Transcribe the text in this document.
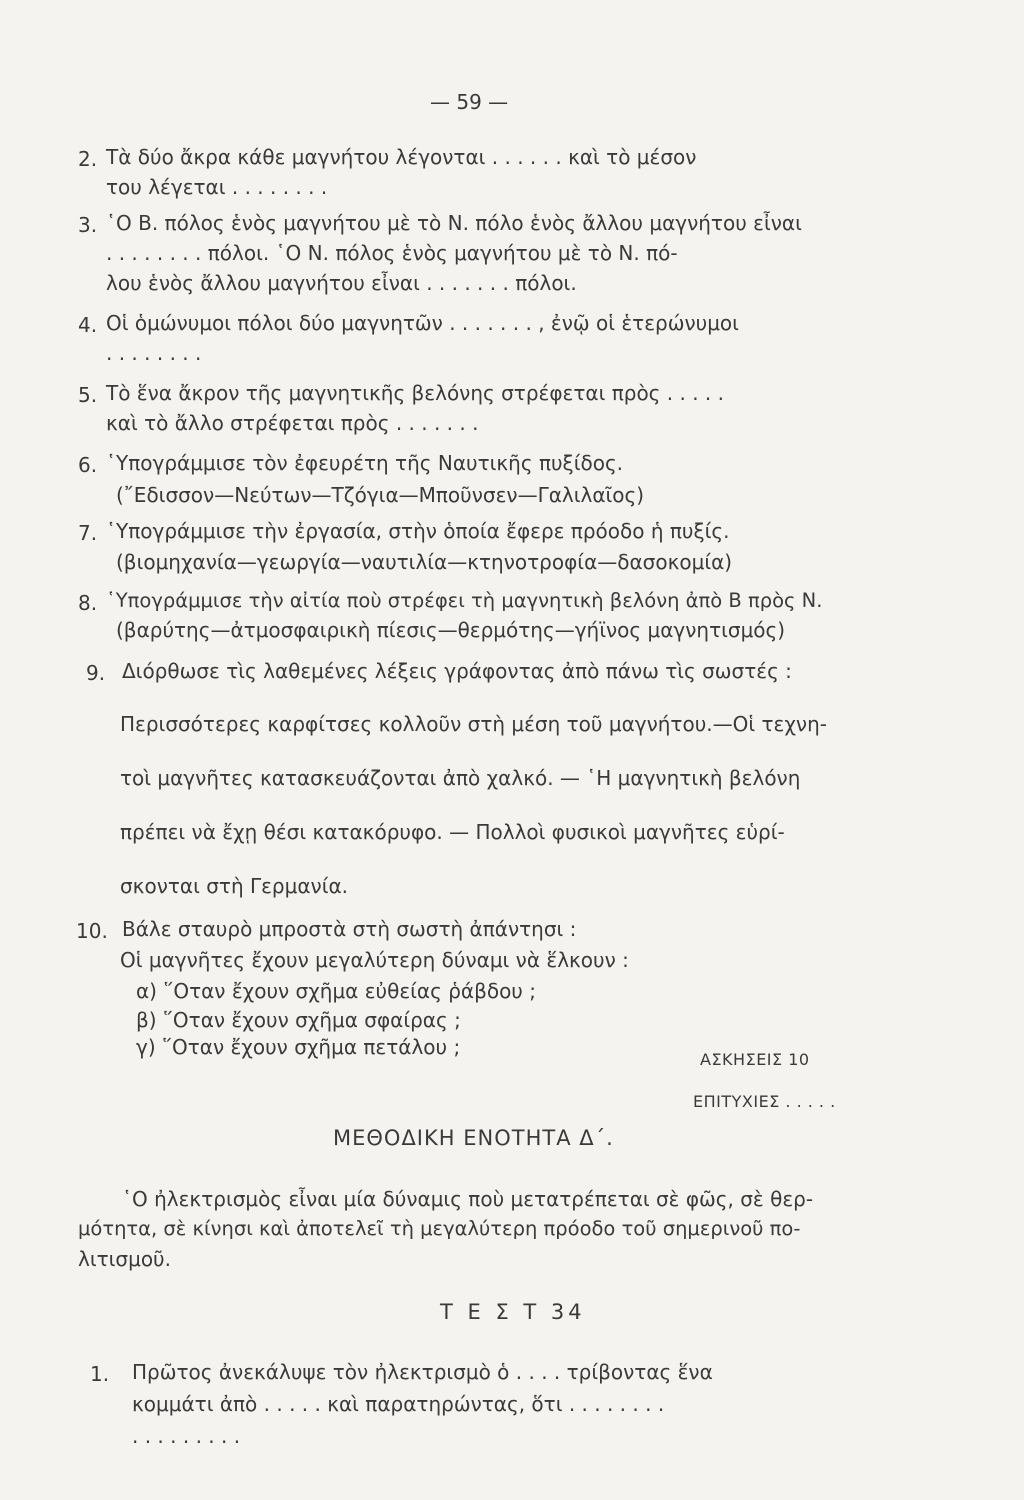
— 59 —
2. Τὰ δύο ἄκρα κάθε μαγνήτου λέγονται . . . . . . καὶ τὸ μέσον
του λέγεται . . . . . . . .
3. ῾Ο Β. πόλος ἑνὸς μαγνήτου μὲ τὸ Ν. πόλο ἑνὸς ἄλλου μαγνήτου εἶναι
. . . . . . . . πόλοι. ῾Ο Ν. πόλος ἑνὸς μαγνήτου μὲ τὸ Ν. πό-
λου ἑνὸς ἄλλου μαγνήτου εἶναι . . . . . . . πόλοι.
4. Οἱ ὁμώνυμοι πόλοι δύο μαγνητῶν . . . . . . . , ἐνῷ οἱ ἑτερώνυμοι
. . . . . . . .
5. Τὸ ἕνα ἄκρον τῆς μαγνητικῆς βελόνης στρέφεται πρὸς . . . . .
καὶ τὸ ἄλλο στρέφεται πρὸς . . . . . . .
6. ῾Υπογράμμισε τὸν ἐφευρέτη τῆς Ναυτικῆς πυξίδος.
(῎Εδισσον—Νεύτων—Τζόγια—Μποῦνσεν—Γαλιλαῖος)
7. ῾Υπογράμμισε τὴν ἐργασία, στὴν ὁποία ἔφερε πρόοδο ἡ πυξίς.
(βιομηχανία—γεωργία—ναυτιλία—κτηνοτροφία—δασοκομία)
8. ῾Υπογράμμισε τὴν αἰτία ποὺ στρέφει τὴ μαγνητικὴ βελόνη ἀπὸ Β πρὸς Ν.
(βαρύτης—ἀτμοσφαιρικὴ πίεσις—θερμότης—γήϊνος μαγνητισμός)
9. Διόρθωσε τὶς λαθεμένες λέξεις γράφοντας ἀπὸ πάνω τὶς σωστές :
Περισσότερες καρφίτσες κολλοῦν στὴ μέση τοῦ μαγνήτου.—Οἱ τεχνη-
τοὶ μαγνῆτες κατασκευάζονται ἀπὸ χαλκό. — ῾Η μαγνητικὴ βελόνη
πρέπει νὰ ἔχῃ θέσι κατακόρυφο. — Πολλοὶ φυσικοὶ μαγνῆτες εὑρί-
σκονται στὴ Γερμανία.
10. Βάλε σταυρὸ μπροστὰ στὴ σωστὴ ἀπάντησι :
Οἱ μαγνῆτες ἔχουν μεγαλύτερη δύναμι νὰ ἕλκουν :
α) ῞Οταν ἔχουν σχῆμα εὐθείας ῥάβδου ;
β) ῞Οταν ἔχουν σχῆμα σφαίρας ;
γ) ῞Οταν ἔχουν σχῆμα πετάλου ;
ΑΣΚΗΣΕΙΣ 10
ΕΠΙΤΥΧΙΕΣ . . . . .
ΜΕΘΟΔΙΚΗ ΕΝΟΤΗΤΑ Δ΄.
῾Ο ἠλεκτρισμὸς εἶναι μία δύναμις ποὺ μετατρέπεται σὲ φῶς, σὲ θερ-
μότητα, σὲ κίνησι καὶ ἀποτελεῖ τὴ μεγαλύτερη πρόοδο τοῦ σημερινοῦ πο-
λιτισμοῦ.
Τ Ε Σ Τ 34
1. Πρῶτος ἀνεκάλυψε τὸν ἠλεκτρισμὸ ὁ . . . . τρίβοντας ἕνα
κομμάτι ἀπὸ . . . . . καὶ παρατηρώντας, ὅτι . . . . . . . .
. . . . . . . . .
